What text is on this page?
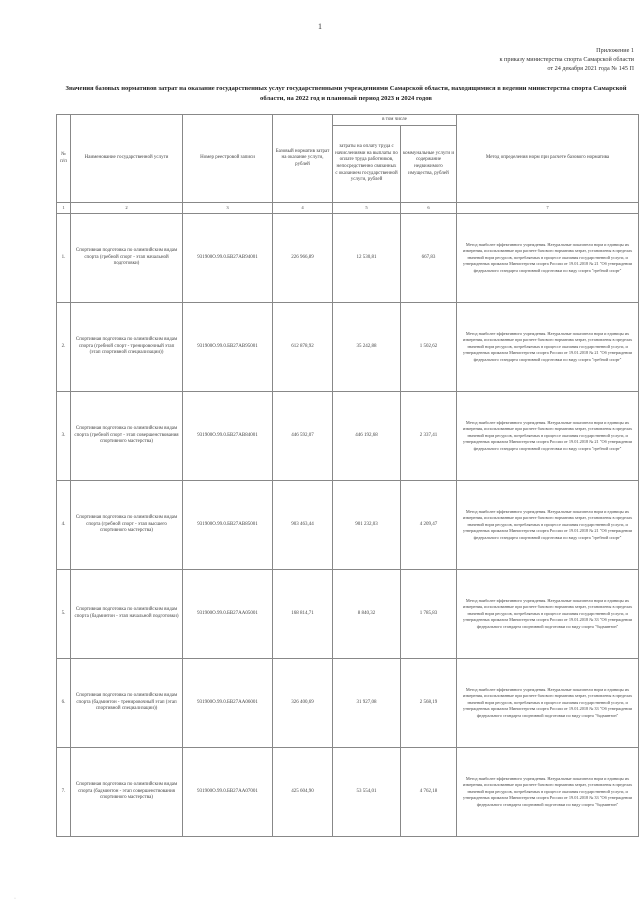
1
Приложение 1
к приказу министерства спорта Самарской области
от 24 декабря 2021 года № 145 П
Значения базовых нормативов затрат на оказание государственных услуг государственными учреждениями Самарской области, находящимися в ведении министерства спорта Самарской области, на 2022 год и плановый период 2023 и 2024 годов
№ п/п	Наименование государственной услуги	Номер реестровой записи	Базовый норматив затрат на оказание услуги, рублей	в том числе		Метод определения норм при расчете базового норматива
				затраты на оплату труда с начислениями на выплаты по оплате труда работников, непосредственно связанных с оказанием государственной услуги, рублей	коммунальные услуги и содержание недвижимого имущества, рублей	
1	2	3	4	5	6	7
1.	Спортивная подготовка по олимпийским видам спорта (гребной спорт - этап начальной подготовки)	931900О.99.0.БВ27АВ94001	226 966,89	12 530,81	667,83	Метод наиболее эффективного учреждения. Натуральные показатели норм и единицы их измерения, использованные при расчете базового норматива затрат, установлены в пределах значений норм ресурсов, потребляемых в процессе оказания государственной услуги, и утвержденных приказом Министерства спорта России от 19.01.2018 № 21 "Об утверждении федерального стандарта спортивной подготовки по виду спорта "гребной спорт"
2.	Спортивная подготовка по олимпийским видам спорта (гребной спорт - тренировочный этап (этап спортивной специализации))	931900О.99.0.БВ27АВ95001	612 878,92	35 242,88	1 502,62	Метод наиболее эффективного учреждения. Натуральные показатели норм и единицы их измерения, использованные при расчете базового норматива затрат, установлены в пределах значений норм ресурсов, потребляемых в процессе оказания государственной услуги, и утвержденных приказом Министерства спорта России от 19.01.2018 № 21 "Об утверждении федерального стандарта спортивной подготовки по виду спорта "гребной спорт"
3.	Спортивная подготовка по олимпийским видам спорта (гребной спорт - этап совершенствования спортивного мастерства)	931900О.99.0.БВ27АВ84001	446 592,07	446 192,68	2 337,41	Метод наиболее эффективного учреждения. Натуральные показатели норм и единицы их измерения, использованные при расчете базового норматива затрат, установлены в пределах значений норм ресурсов, потребляемых в процессе оказания государственной услуги, и утвержденных приказом Министерства спорта России от 19.01.2018 № 21 "Об утверждении федерального стандарта спортивной подготовки по виду спорта "гребной спорт"
4.	Спортивная подготовка по олимпийским видам спорта (гребной спорт - этап высшего спортивного мастерства)	931900О.99.0.БВ27АВ85001	903 463,44	901 232,03	4 209,47	Метод наиболее эффективного учреждения. Натуральные показатели норм и единицы их измерения, использованные при расчете базового норматива затрат, установлены в пределах значений норм ресурсов, потребляемых в процессе оказания государственной услуги, и утвержденных приказом Министерства спорта России от 19.01.2018 № 21 "Об утверждении федерального стандарта спортивной подготовки по виду спорта "гребной спорт"
5.	Спортивная подготовка по олимпийским видам спорта (бадминтон - этап начальной подготовки)	931900О.99.0.БВ27АА05001	168 814,71	8 840,32	1 785,83	Метод наиболее эффективного учреждения. Натуральные показатели норм и единицы их измерения, использованные при расчете базового норматива затрат, установлены в пределах значений норм ресурсов, потребляемых в процессе оказания государственной услуги, и утвержденных приказом Министерства спорта России от 19.01.2018 № 33 "Об утверждении федерального стандарта спортивной подготовки по виду спорта "бадминтон"
6.	Спортивная подготовка по олимпийским видам спорта (бадминтон - тренировочный этап (этап спортивной специализации))	931900О.99.0.БВ27АА06001	326 400,69	31 927,08	2 568,19	Метод наиболее эффективного учреждения. Натуральные показатели норм и единицы их измерения, использованные при расчете базового норматива затрат, установлены в пределах значений норм ресурсов, потребляемых в процессе оказания государственной услуги, и утвержденных приказом Министерства спорта России от 19.01.2018 № 33 "Об утверждении федерального стандарта спортивной подготовки по виду спорта "бадминтон"
7.	Спортивная подготовка по олимпийским видам спорта (бадминтон - этап совершенствования спортивного мастерства)	931900О.99.0.БВ27АА07001	425 604,90	53 554,01	4 762,18	Метод наиболее эффективного учреждения. Натуральные показатели норм и единицы их измерения, использованные при расчете базового норматива затрат, установлены в пределах значений норм ресурсов, потребляемых в процессе оказания государственной услуги, и утвержденных приказом Министерства спорта России от 19.01.2018 № 33 "Об утверждении федерального стандарта спортивной подготовки по виду спорта "бадминтон"
·
